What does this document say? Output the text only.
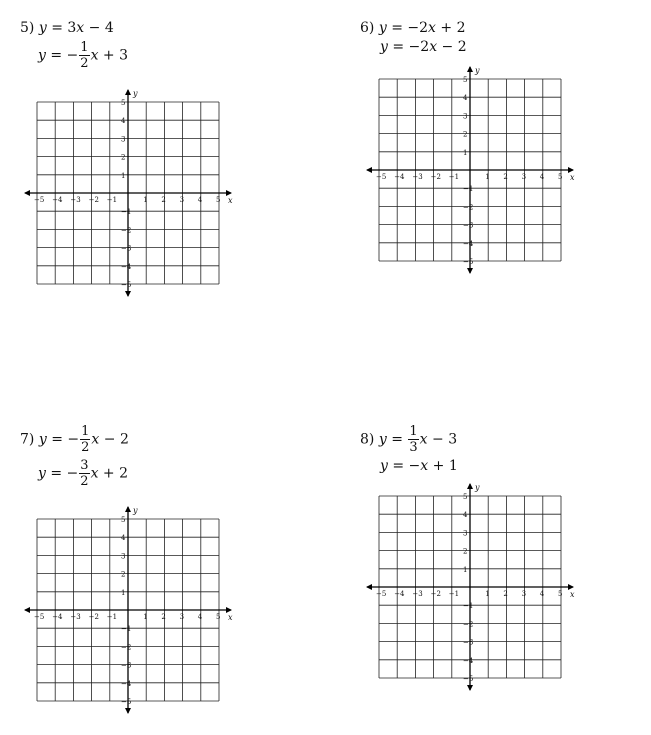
5) y = 3x − 4
y = − $\frac{1}{2}$ x + 3
x
y
−5 −4 −3 −2 −1	1 2 3 4 5
5
4
3
2
1
−1
−2
−3
−4
−5
6) y = −2x + 2
y = −2x − 2
x
y
−5 −4 −3 −2 −1	1 2 3 4 5
5
4
3
2
1
−1
−2
−3
−4
−5
7) y = − $\frac{1}{2}$ x − 2
y = − $\frac{3}{2}$ x + 2
x
y
−5 −4 −3 −2 −1	1 2 3 4 5
5
4
3
2
1
−1
−2
−3
−4
−5
8) $y = \frac{1}{3}$ x − 3
y = −x + 1
x
y
−5 −4 −3 −2 −1	1 2 3 4 5
5
4
3
2
1
−1
−2
−3
−4
−5
